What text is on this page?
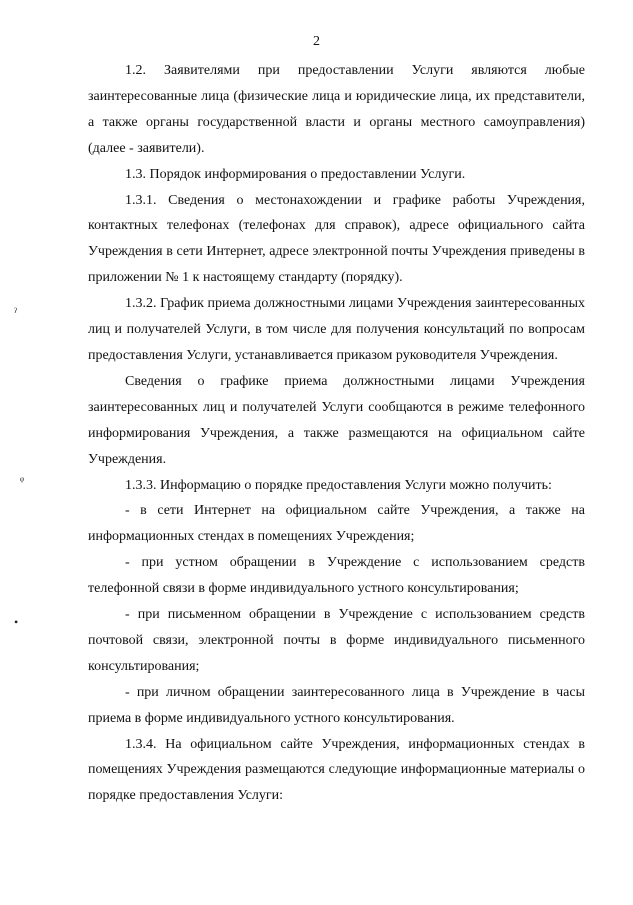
2

1.2. Заявителями при предоставлении Услуги являются любые заинтересованные лица (физические лица и юридические лица, их представители, а также органы государственной власти и органы местного самоуправления) (далее - заявители).

1.3. Порядок информирования о предоставлении Услуги.

1.3.1. Сведения о местонахождении и графике работы Учреждения, контактных телефонах (телефонах для справок), адресе официального сайта Учреждения в сети Интернет, адресе электронной почты Учреждения приведены в приложении № 1 к настоящему стандарту (порядку).

1.3.2. График приема должностными лицами Учреждения заинтересованных лиц и получателей Услуги, в том числе для получения консультаций по вопросам предоставления Услуги, устанавливается приказом руководителя Учреждения.

Сведения о графике приема должностными лицами Учреждения заинтересованных лиц и получателей Услуги сообщаются в режиме телефонного информирования Учреждения, а также размещаются на официальном сайте Учреждения.

1.3.3. Информацию о порядке предоставления Услуги можно получить:

- в сети Интернет на официальном сайте Учреждения, а также на информационных стендах в помещениях Учреждения;

- при устном обращении в Учреждение с использованием средств телефонной связи в форме индивидуального устного консультирования;

- при письменном обращении в Учреждение с использованием средств почтовой связи, электронной почты в форме индивидуального письменного консультирования;

- при личном обращении заинтересованного лица в Учреждение в часы приема в форме индивидуального устного консультирования.

1.3.4. На официальном сайте Учреждения, информационных стендах в помещениях Учреждения размещаются следующие информационные материалы о порядке предоставления Услуги:

ˀ
ᵩ
•
